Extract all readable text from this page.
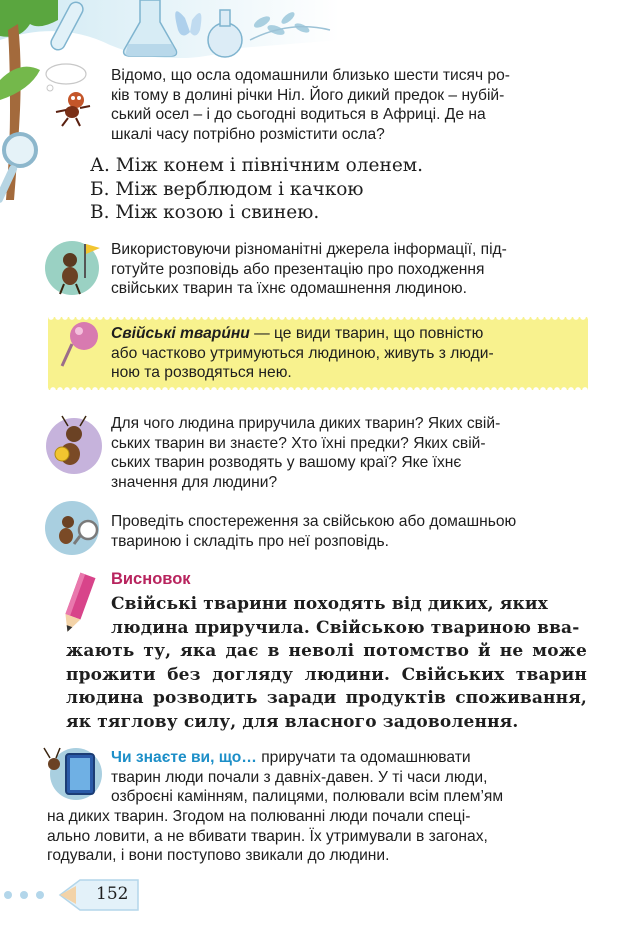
152
Відомо, що осла одомашнили близько шести тисяч ро-
ків тому в долині річки Ніл. Його дикий предок – нубій-
ський осел – і до сьогодні водиться в Африці. Де на
шкалі часу потрібно розмістити осла?
А. Між конем і північним оленем.
Б. Між верблюдом і качкою
В. Між козою і свинею.
Використовуючи різноманітні джерела інформації, під-
готуйте розповідь або презентацію про походження
свійських тварин та їхнє одомашнення людиною.
Свійські твари́ни — це види тварин, що повністю
або частково утримуються людиною, живуть з люди-
ною та розводяться нею.
Для чого людина приручила диких тварин? Яких свій-
ських тварин ви знаєте? Хто їхні предки? Яких свій-
ських тварин розводять у вашому краї? Яке їхнє
значення для людини?
Проведіть спостереження за свійською або домашньою
твариною і складіть про неї розповідь.
Висновок
Свійські тварини походять від диких, яких
людина приручила. Свійською твариною вва-
жають ту, яка дає в неволі потомство й не може
прожити без догляду людини. Свійських тварин
людина розводить заради продуктів споживання,
як тяглову силу, для власного задоволення.
Чи знаєте ви, що… приручати та одомашнювати
тварин люди почали з давніх-давен. У ті часи люди,
озброєні камінням, палицями, полювали всім плем’ям
на диких тварин. Згодом на полюванні люди почали спеці-
ально ловити, а не вбивати тварин. Їх утримували в загонах,
годували, і вони поступово звикали до людини.
